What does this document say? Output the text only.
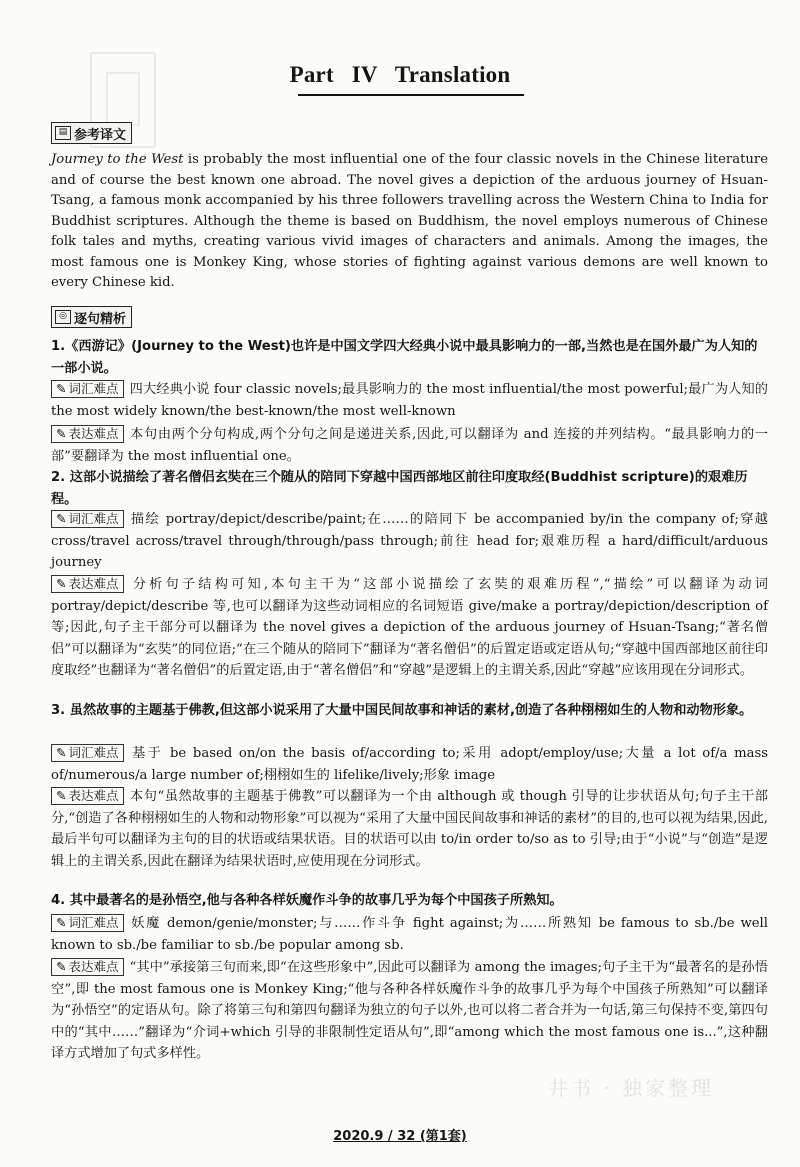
Part IV Translation
▤ 参考译文
Journey to the West is probably the most influential one of the four classic novels in the Chinese literature and of course the best known one abroad. The novel gives a depiction of the arduous journey of Hsuan-Tsang, a famous monk accompanied by his three followers travelling across the Western China to India for Buddhist scriptures. Although the theme is based on Buddhism, the novel employs numerous of Chinese folk tales and myths, creating various vivid images of characters and animals. Among the images, the most famous one is Monkey King, whose stories of fighting against various demons are well known to every Chinese kid.
◎ 逐句精析
1.《西游记》(Journey to the West)也许是中国文学四大经典小说中最具影响力的一部,当然也是在国外最广为人知的一部小说。
✎ 词汇难点 四大经典小说 four classic novels;最具影响力的 the most influential/the most powerful;最广为人知的 the most widely known/the best-known/the most well-known
✎ 表达难点 本句由两个分句构成,两个分句之间是递进关系,因此,可以翻译为 and 连接的并列结构。“最具影响力的一部”要翻译为 the most influential one。
2. 这部小说描绘了著名僧侣玄奘在三个随从的陪同下穿越中国西部地区前往印度取经(Buddhist scripture)的艰难历程。
✎ 词汇难点 描绘 portray/depict/describe/paint;在……的陪同下 be accompanied by/in the company of;穿越 cross/travel across/travel through/through/pass through;前往 head for;艰难历程 a hard/difficult/arduous journey
✎ 表达难点 分析句子结构可知,本句主干为“这部小说描绘了玄奘的艰难历程”,“描绘”可以翻译为动词 portray/depict/describe 等,也可以翻译为这些动词相应的名词短语 give/make a portray/depiction/description of 等;因此,句子主干部分可以翻译为 the novel gives a depiction of the arduous journey of Hsuan-Tsang;“著名僧侣”可以翻译为“玄奘”的同位语;“在三个随从的陪同下”翻译为“著名僧侣”的后置定语或定语从句;“穿越中国西部地区前往印度取经”也翻译为“著名僧侣”的后置定语,由于“著名僧侣”和“穿越”是逻辑上的主谓关系,因此“穿越”应该用现在分词形式。
3. 虽然故事的主题基于佛教,但这部小说采用了大量中国民间故事和神话的素材,创造了各种栩栩如生的人物和动物形象。
✎ 词汇难点 基于 be based on/on the basis of/according to;采用 adopt/employ/use;大量 a lot of/a mass of/numerous/a large number of;栩栩如生的 lifelike/lively;形象 image
✎ 表达难点 本句“虽然故事的主题基于佛教”可以翻译为一个由 although 或 though 引导的让步状语从句;句子主干部分,“创造了各种栩栩如生的人物和动物形象”可以视为“采用了大量中国民间故事和神话的素材”的目的,也可以视为结果,因此,最后半句可以翻译为主句的目的状语或结果状语。目的状语可以由 to/in order to/so as to 引导;由于“小说”与“创造”是逻辑上的主谓关系,因此在翻译为结果状语时,应使用现在分词形式。
4. 其中最著名的是孙悟空,他与各种各样妖魔作斗争的故事几乎为每个中国孩子所熟知。
✎ 词汇难点 妖魔 demon/genie/monster;与……作斗争 fight against;为……所熟知 be famous to sb./be well known to sb./be familiar to sb./be popular among sb.
✎ 表达难点 “其中”承接第三句而来,即“在这些形象中”,因此可以翻译为 among the images;句子主干为“最著名的是孙悟空”,即 the most famous one is Monkey King;“他与各种各样妖魔作斗争的故事几乎为每个中国孩子所熟知”可以翻译为“孙悟空”的定语从句。除了将第三句和第四句翻译为独立的句子以外,也可以将二者合并为一句话,第三句保持不变,第四句中的“其中……”翻译为“介词+which 引导的非限制性定语从句”,即“among which the most famous one is...”,这种翻译方式增加了句式多样性。
井书 · 独家整理
2020.9 / 32 (第1套)
